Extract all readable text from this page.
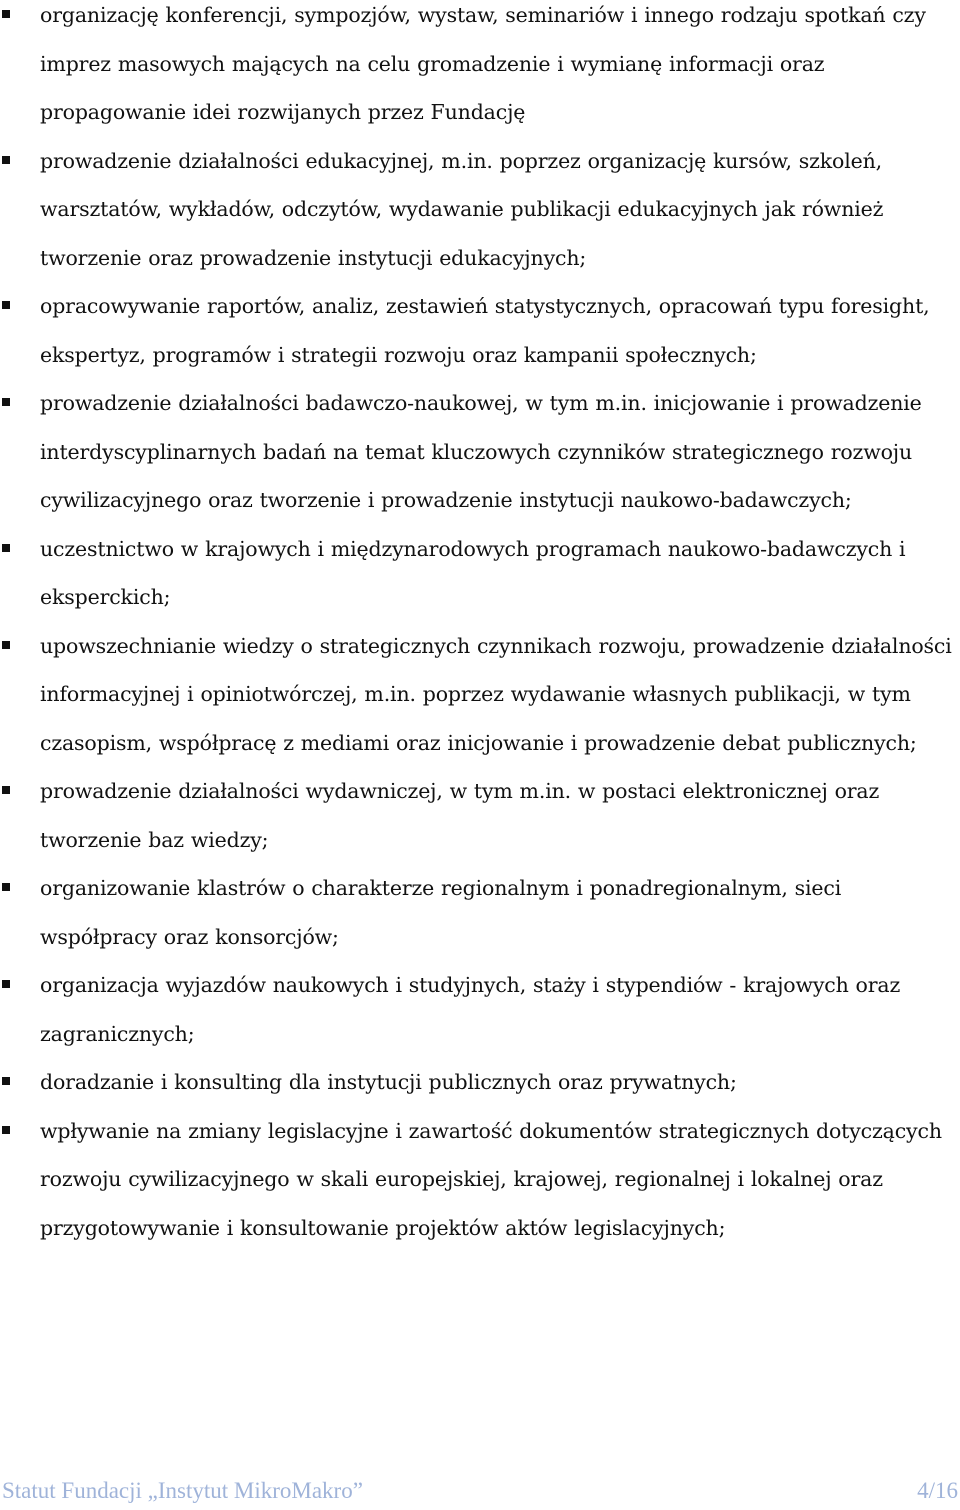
organizację konferencji, sympozjów, wystaw, seminariów i innego rodzaju spotkań czy imprez masowych mających na celu gromadzenie i wymianę informacji oraz propagowanie idei rozwijanych przez Fundację
prowadzenie działalności edukacyjnej, m.in. poprzez organizację kursów, szkoleń, warsztatów, wykładów, odczytów, wydawanie publikacji edukacyjnych jak również tworzenie oraz prowadzenie instytucji edukacyjnych;
opracowywanie raportów, analiz, zestawień statystycznych, opracowań typu foresight, ekspertyz, programów i strategii rozwoju oraz kampanii społecznych;
prowadzenie działalności badawczo-naukowej, w tym m.in. inicjowanie i prowadzenie interdyscyplinarnych badań na temat kluczowych czynników strategicznego rozwoju cywilizacyjnego oraz tworzenie i prowadzenie instytucji naukowo-badawczych;
uczestnictwo w krajowych i międzynarodowych programach naukowo-badawczych i eksperckich;
upowszechnianie wiedzy o strategicznych czynnikach rozwoju, prowadzenie działalności informacyjnej i opiniotwórczej, m.in. poprzez wydawanie własnych publikacji, w tym czasopism, współpracę z mediami oraz inicjowanie i prowadzenie debat publicznych;
prowadzenie działalności wydawniczej, w tym m.in. w postaci elektronicznej oraz tworzenie baz wiedzy;
organizowanie klastrów o charakterze regionalnym i ponadregionalnym, sieci współpracy oraz konsorcjów;
organizacja wyjazdów naukowych i studyjnych, staży i stypendiów - krajowych oraz zagranicznych;
doradzanie i konsulting dla instytucji publicznych oraz prywatnych;
wpływanie na zmiany legislacyjne i zawartość dokumentów strategicznych dotyczących rozwoju cywilizacyjnego w skali europejskiej, krajowej, regionalnej i lokalnej oraz przygotowywanie i konsultowanie projektów aktów legislacyjnych;
Statut Fundacji „Instytut MikroMakro”	4/16
